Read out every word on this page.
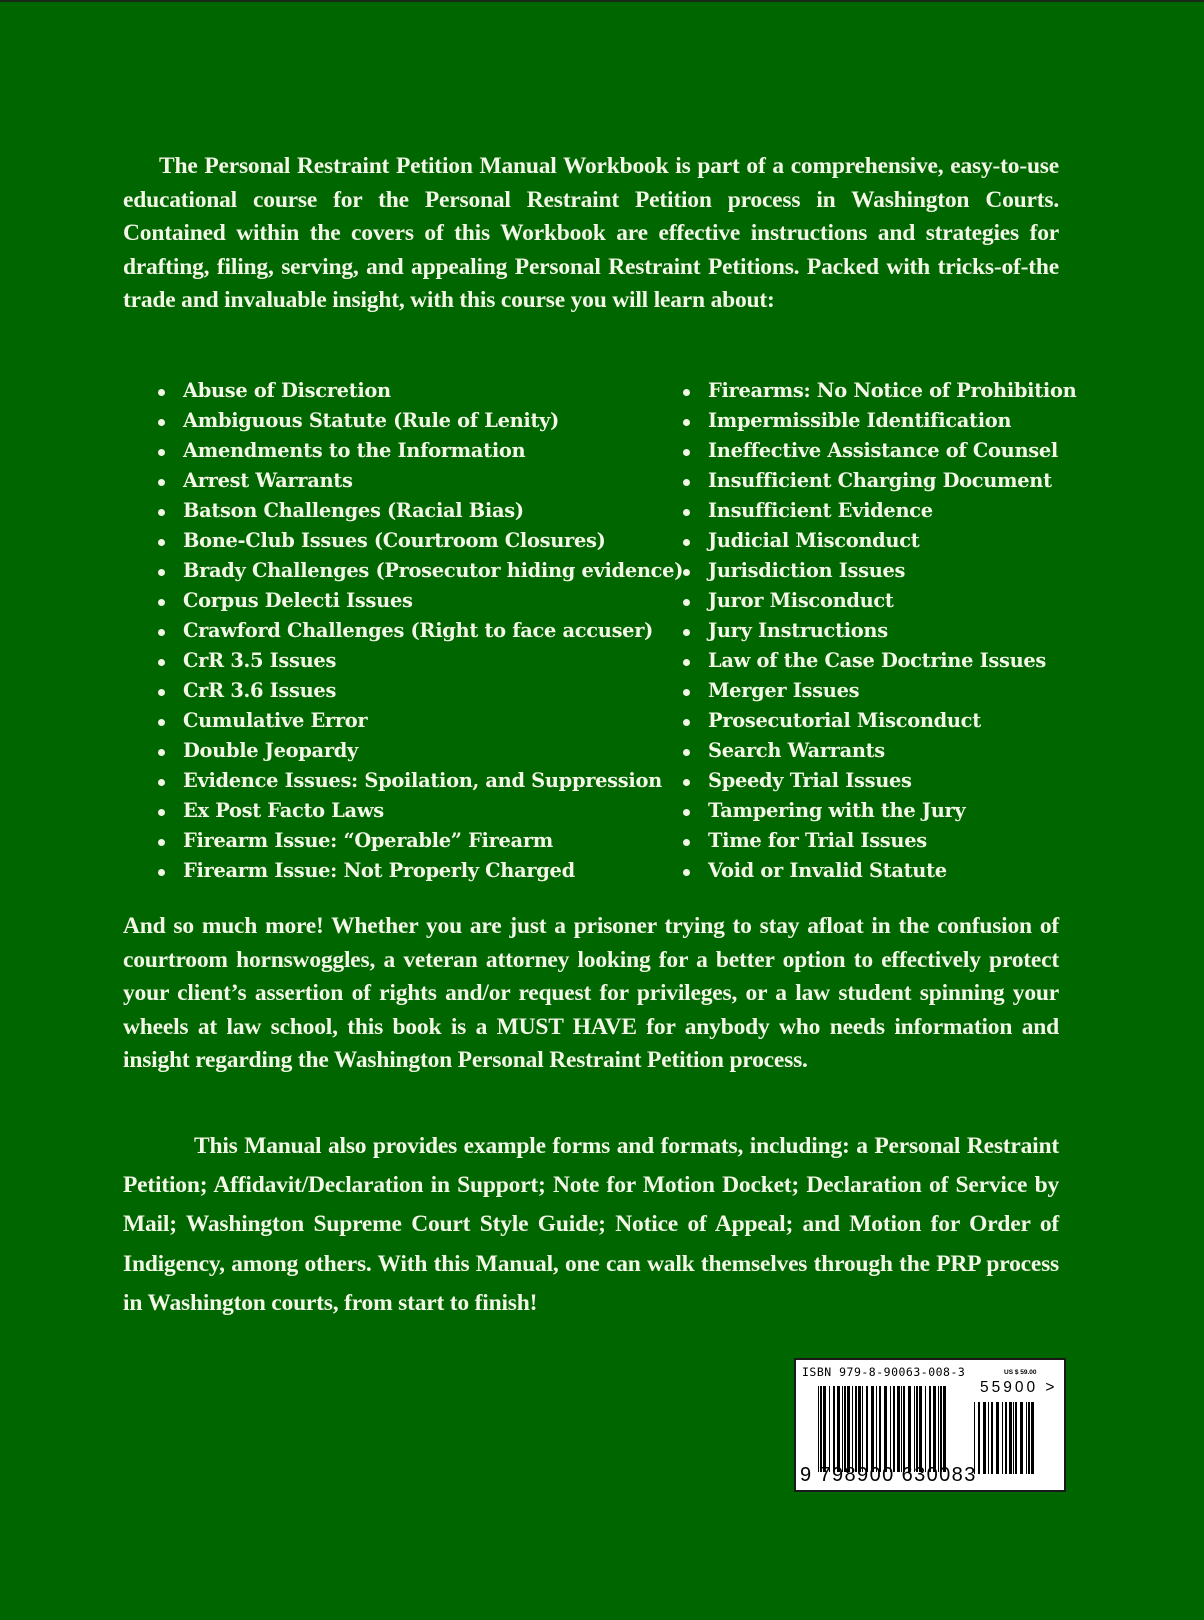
The Personal Restraint Petition Manual Workbook is part of a comprehensive, easy-to-use educational course for the Personal Restraint Petition process in Washington Courts. Contained within the covers of this Workbook are effective instructions and strategies for drafting, filing, serving, and appealing Personal Restraint Petitions. Packed with tricks-of-the trade and invaluable insight, with this course you will learn about:

Abuse of Discretion
Ambiguous Statute (Rule of Lenity)
Amendments to the Information
Arrest Warrants
Batson Challenges (Racial Bias)
Bone-Club Issues (Courtroom Closures)
Brady Challenges (Prosecutor hiding evidence)
Corpus Delecti Issues
Crawford Challenges (Right to face accuser)
CrR 3.5 Issues
CrR 3.6 Issues
Cumulative Error
Double Jeopardy
Evidence Issues: Spoilation, and Suppression
Ex Post Facto Laws
Firearm Issue: “Operable” Firearm
Firearm Issue: Not Properly Charged
Firearms: No Notice of Prohibition
Impermissible Identification
Ineffective Assistance of Counsel
Insufficient Charging Document
Insufficient Evidence
Judicial Misconduct
Jurisdiction Issues
Juror Misconduct
Jury Instructions
Law of the Case Doctrine Issues
Merger Issues
Prosecutorial Misconduct
Search Warrants
Speedy Trial Issues
Tampering with the Jury
Time for Trial Issues
Void or Invalid Statute

And so much more! Whether you are just a prisoner trying to stay afloat in the confusion of courtroom hornswoggles, a veteran attorney looking for a better option to effectively protect your client’s assertion of rights and/or request for privileges, or a law student spinning your wheels at law school, this book is a MUST HAVE for anybody who needs information and insight regarding the Washington Personal Restraint Petition process.

This Manual also provides example forms and formats, including: a Personal Restraint Petition; Affidavit/Declaration in Support; Note for Motion Docket; Declaration of Service by Mail; Washington Supreme Court Style Guide; Notice of Appeal; and Motion for Order of Indigency, among others. With this Manual, one can walk themselves through the PRP process in Washington courts, from start to finish!

ISBN 979-8-90063-008-3	US $ 59.00
55900 >
9 798900 630083
